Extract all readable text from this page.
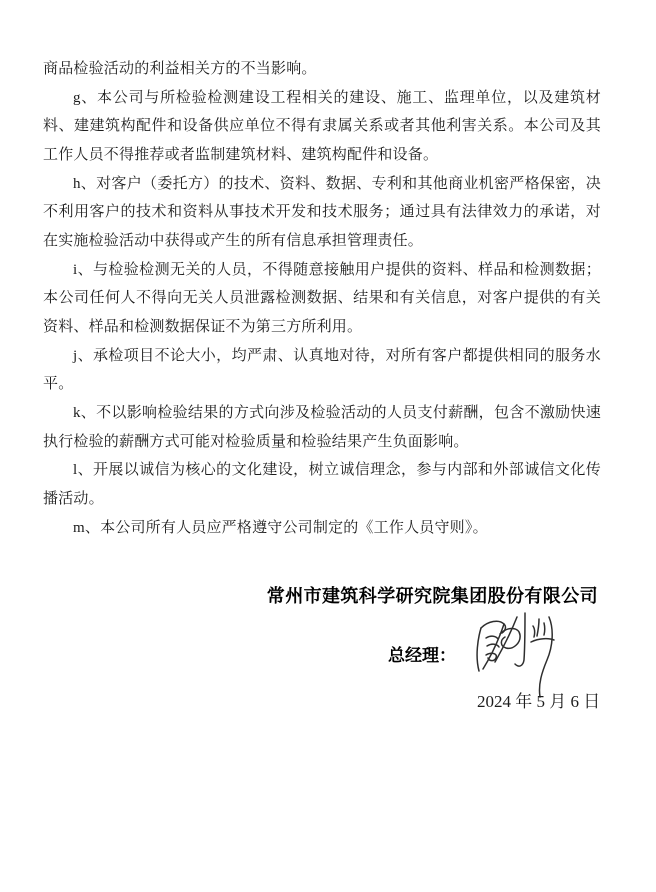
商品检验活动的利益相关方的不当影响。

g、本公司与所检验检测建设工程相关的建设、施工、监理单位，以及建筑材料、建建筑构配件和设备供应单位不得有隶属关系或者其他利害关系。本公司及其工作人员不得推荐或者监制建筑材料、建筑构配件和设备。

h、对客户（委托方）的技术、资料、数据、专利和其他商业机密严格保密，决不利用客户的技术和资料从事技术开发和技术服务；通过具有法律效力的承诺，对在实施检验活动中获得或产生的所有信息承担管理责任。

i、与检验检测无关的人员，不得随意接触用户提供的资料、样品和检测数据；本公司任何人不得向无关人员泄露检测数据、结果和有关信息，对客户提供的有关资料、样品和检测数据保证不为第三方所利用。

j、承检项目不论大小，均严肃、认真地对待，对所有客户都提供相同的服务水平。

k、不以影响检验结果的方式向涉及检验活动的人员支付薪酬，包含不激励快速执行检验的薪酬方式可能对检验质量和检验结果产生负面影响。

l、开展以诚信为核心的文化建设，树立诚信理念，参与内部和外部诚信文化传播活动。

m、本公司所有人员应严格遵守公司制定的《工作人员守则》。

常州市建筑科学研究院集团股份有限公司
总经理：
2024 年 5 月 6 日
